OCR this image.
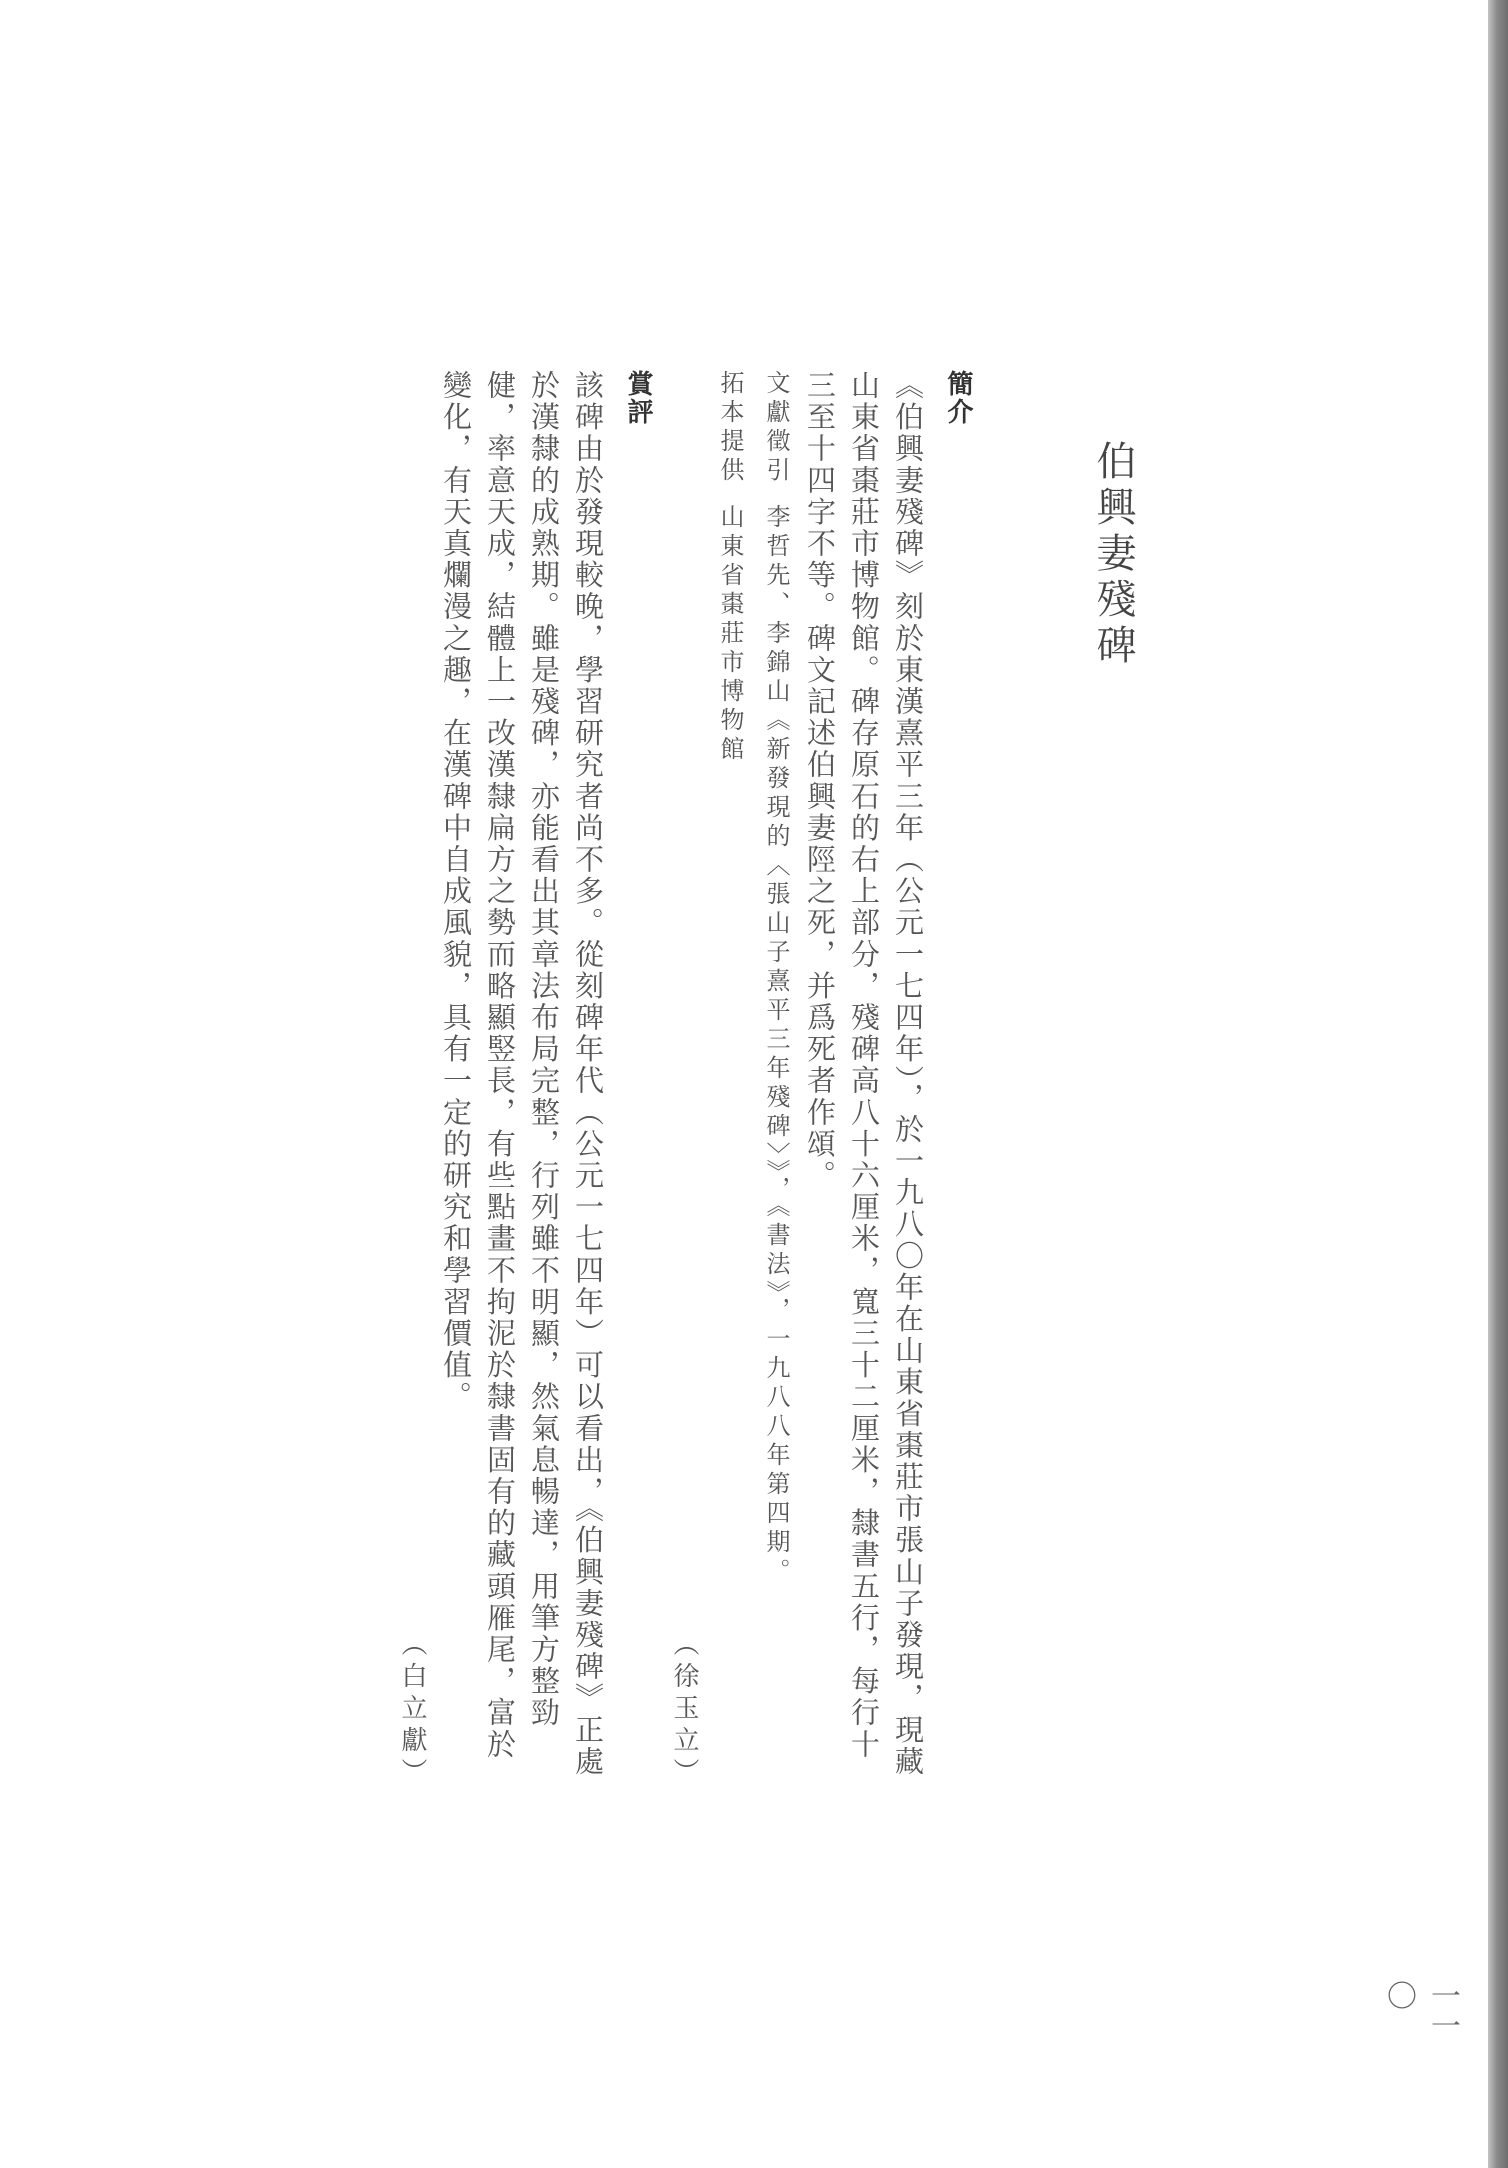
伯興妻殘碑
簡介
《伯興妻殘碑》刻於東漢熹平三年（公元一七四年），於一九八〇年在山東省棗莊市張山子發現，現藏山東省棗莊市博物館。碑存原石的右上部分，殘碑高八十六厘米，寬三十二厘米，隸書五行，每行十三至十四字不等。碑文記述伯興妻陘之死，并爲死者作頌。
文獻徵引李哲先、李錦山《新發現的〈張山子熹平三年殘碑〉》，《書法》，一九八八年第四期。
拓本提供山東省棗莊市博物館
（徐玉立）
賞評
該碑由於發現較晚，學習研究者尚不多。從刻碑年代（公元一七四年）可以看出，《伯興妻殘碑》正處於漢隸的成熟期。雖是殘碑，亦能看出其章法布局完整，行列雖不明顯，然氣息暢達，用筆方整勁健，率意天成，結體上一改漢隸扁方之勢而略顯竪長，有些點畫不拘泥於隸書固有的藏頭雁尾，富於變化，有天真爛漫之趣，在漢碑中自成風貌，具有一定的研究和學習價值。
（白立獻）
一一〇
